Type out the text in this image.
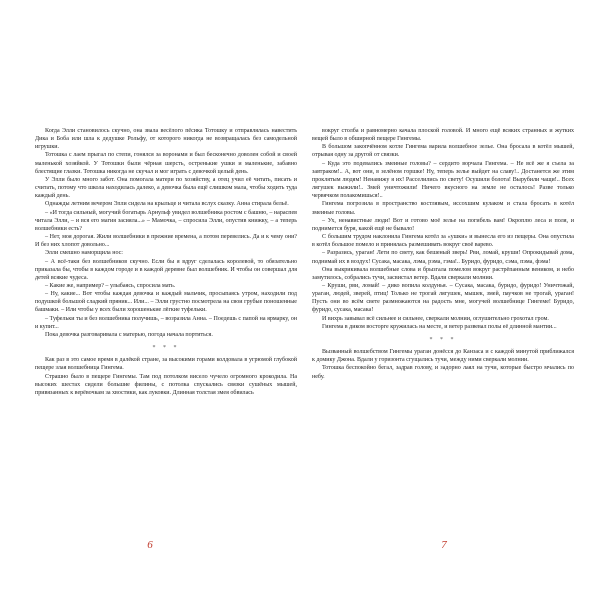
Когда Элли становилось скучно, она звала весёлого пёсика Тотошку и отправлялась навестить Дика и Боба или шла к дедушке Рольфу, от которого никогда не возвращалась без самодельной игрушки.

Тотошка с лаем прыгал по степи, гонялся за воронами и был бесконечно доволен собой и своей маленькой хозяйкой. У Тотошки были чёрная шерсть, остренькие ушки и маленькие, забавно блестящие глазки. Тотошка никогда не скучал и мог играть с девочкой целый день.

У Элли было много забот. Она помогала матери по хозяйству, а отец учил её читать, писать и считать, потому что школа находилась далеко, а девочка была ещё слишком мала, чтобы ходить туда каждый день.

Однажды летним вечером Элли сидела на крыльце и читала вслух сказку. Анна стирала бельё.

– «И тогда сильный, могучий богатырь Арнульф увидел волшебника ростом с башню, – нараспев читала Элли, – и вся его магия засияла...» – Мамочка, – спросила Элли, опустив книжку, – а теперь волшебники есть?

– Нет, моя дорогая. Жили волшебники в прежние времена, а потом перевелись. Да и к чему они? И без них хлопот довольно...

Элли смешно наморщила нос:

– А всё-таки без волшебников скучно. Если бы я вдруг сделалась королевой, то обязательно приказала бы, чтобы в каждом городе и в каждой деревне был волшебник. И чтобы он совершал для детей всякие чудеса.

– Какие же, например? – улыбаясь, спросила мать.

– Ну, какие... Вот чтобы каждая девочка и каждый мальчик, просыпаясь утром, находили под подушкой большой сладкий пряник... Или... – Элли грустно посмотрела на свои грубые поношенные башмаки. – Или чтобы у всех были хорошенькие лёгкие туфельки.

– Туфельки ты и без волшебника получишь, – возразила Анна. – Поедешь с папой на ярмарку, он и купит...

Пока девочка разговаривала с матерью, погода начала портиться.

* * *

Как раз в это самое время в далёкой стране, за высокими горами колдовала в угрюмой глубокой пещере злая волшебница Гингема.

Страшно было в пещере Гингемы. Там под потолком висело чучело огромного крокодила. На высоких шестах сидели большие филины, с потолка спускались связки сушёных мышей, привязанных к верёвочкам за хвостики, как луковки. Длинная толстая змея обвилась

6

вокруг столба и равномерно качала плоской головой. И много ещё всяких странных и жутких вещей было в обширной пещере Гингемы.

В большом закопчённом котле Гингема варила волшебное зелье. Она бросала в котёл мышей, отрывая одну за другой от связки.

– Куда это подевались змеиные головы? – сердито ворчала Гингема. – Не всё же я съела за завтраком!.. А, вот они, в зелёном горшке! Ну, теперь зелье выйдет на славу!.. Достанется же этим проклятым людям! Ненавижу я их! Расселились по свету! Осушили болота! Вырубили чащи!.. Всех лягушек выжили!.. Змей уничтожили! Ничего вкусного на земле не осталось! Разве только червячком полакомишься!..

Гингема погрозила в пространство костлявым, иссохшим кулаком и стала бросать в котёл змеиные головы.

– Ух, ненавистные люди! Вот и готово моё зелье на погибель вам! Окроплю леса и поля, и поднимется буря, какой ещё не бывало!

С большим трудом наклонила Гингема котёл за «ушки» и вынесла его из пещеры. Она опустила в котёл большое помело и принялась размешивать вокруг своё варево.

– Разразись, ураган! Лети по свету, как бешеный зверь! Рви, ломай, круши! Опрокидывай дома, поднимай их в воздух! Сусака, масака, лэма, рэма, гэма!.. Буридо, фуридо, сэма, пэма, фэма!

Она выкрикивала волшебные слова и брызгала помелом вокруг растрёпанным веником, и небо замутилось, собрались тучи, засвистал ветер. Вдали сверкали молнии.

– Круши, рви, ломай! – дико вопила колдунья. – Сусака, масака, буридо, фуридо! Уничтожай, ураган, людей, зверей, птиц! Только не трогай лягушек, мышек, змей, паучков не трогай, ураган! Пусть они во всём свете размножаются на радость мне, могучей волшебнице Гингеме! Буридо, фуридо, сусака, масака!

И вихрь завывал всё сильнее и сильнее, сверкали молнии, оглушительно грохотал гром.

Гингема в диком восторге кружилась на месте, и ветер развевал полы её длинной мантии...

* * *

Вызванный волшебством Гингемы ураган донёсся до Канзаса и с каждой минутой приближался к домику Джона. Вдали у горизонта сгущались тучи, между ними сверкали молнии.

Тотошка беспокойно бегал, задрав голову, и задорно лаял на тучи, которые быстро мчались по небу.

7
